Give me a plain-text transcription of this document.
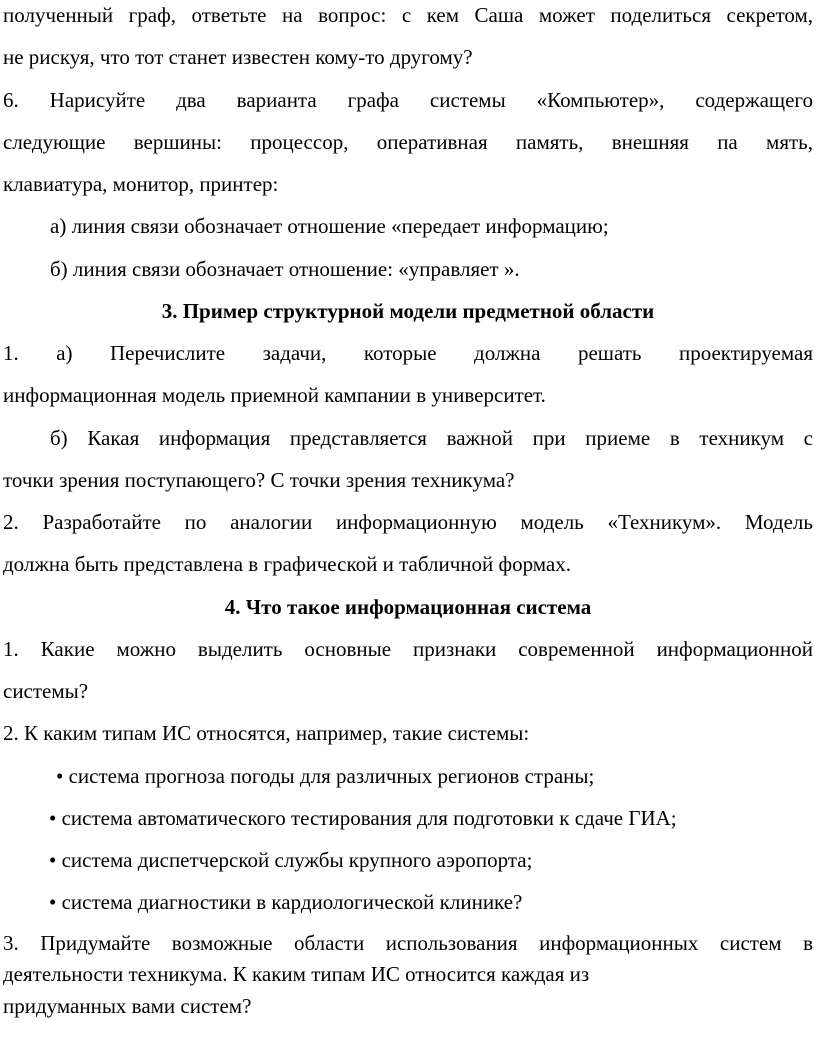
полученный граф, ответьте на вопрос: с кем Саша может поделиться секретом,
не рискуя, что тот станет известен кому-то другому?
6. Нарисуйте два варианта графа системы «Компьютер», содержащего
следующие вершины: процессор, оперативная память, внешняя па мять,
клавиатура, монитор, принтер:
а) линия связи обозначает отношение «передает информацию;
б) линия связи обозначает отношение: «управляет ».
3. Пример структурной модели предметной области
1. а) Перечислите задачи, которые должна решать проектируемая
информационная модель приемной кампании в университет.
б) Какая информация представляется важной при приеме в техникум с
точки зрения поступающего? С точки зрения техникума?
2. Разработайте по аналогии информационную модель «Техникум». Модель
должна быть представлена в графической и табличной формах.
4. Что такое информационная система
1. Какие можно выделить основные признаки современной информационной
системы?
2. К каким типам ИС относятся, например, такие системы:
• система прогноза погоды для различных регионов страны;
• система автоматического тестирования для подготовки к сдаче ГИА;
• система диспетчерской службы крупного аэропорта;
• система диагностики в кардиологической клинике?
3. Придумайте возможные области использования информационных систем в
деятельности техникума. К каким типам ИС относится каждая из
придуманных вами систем?
